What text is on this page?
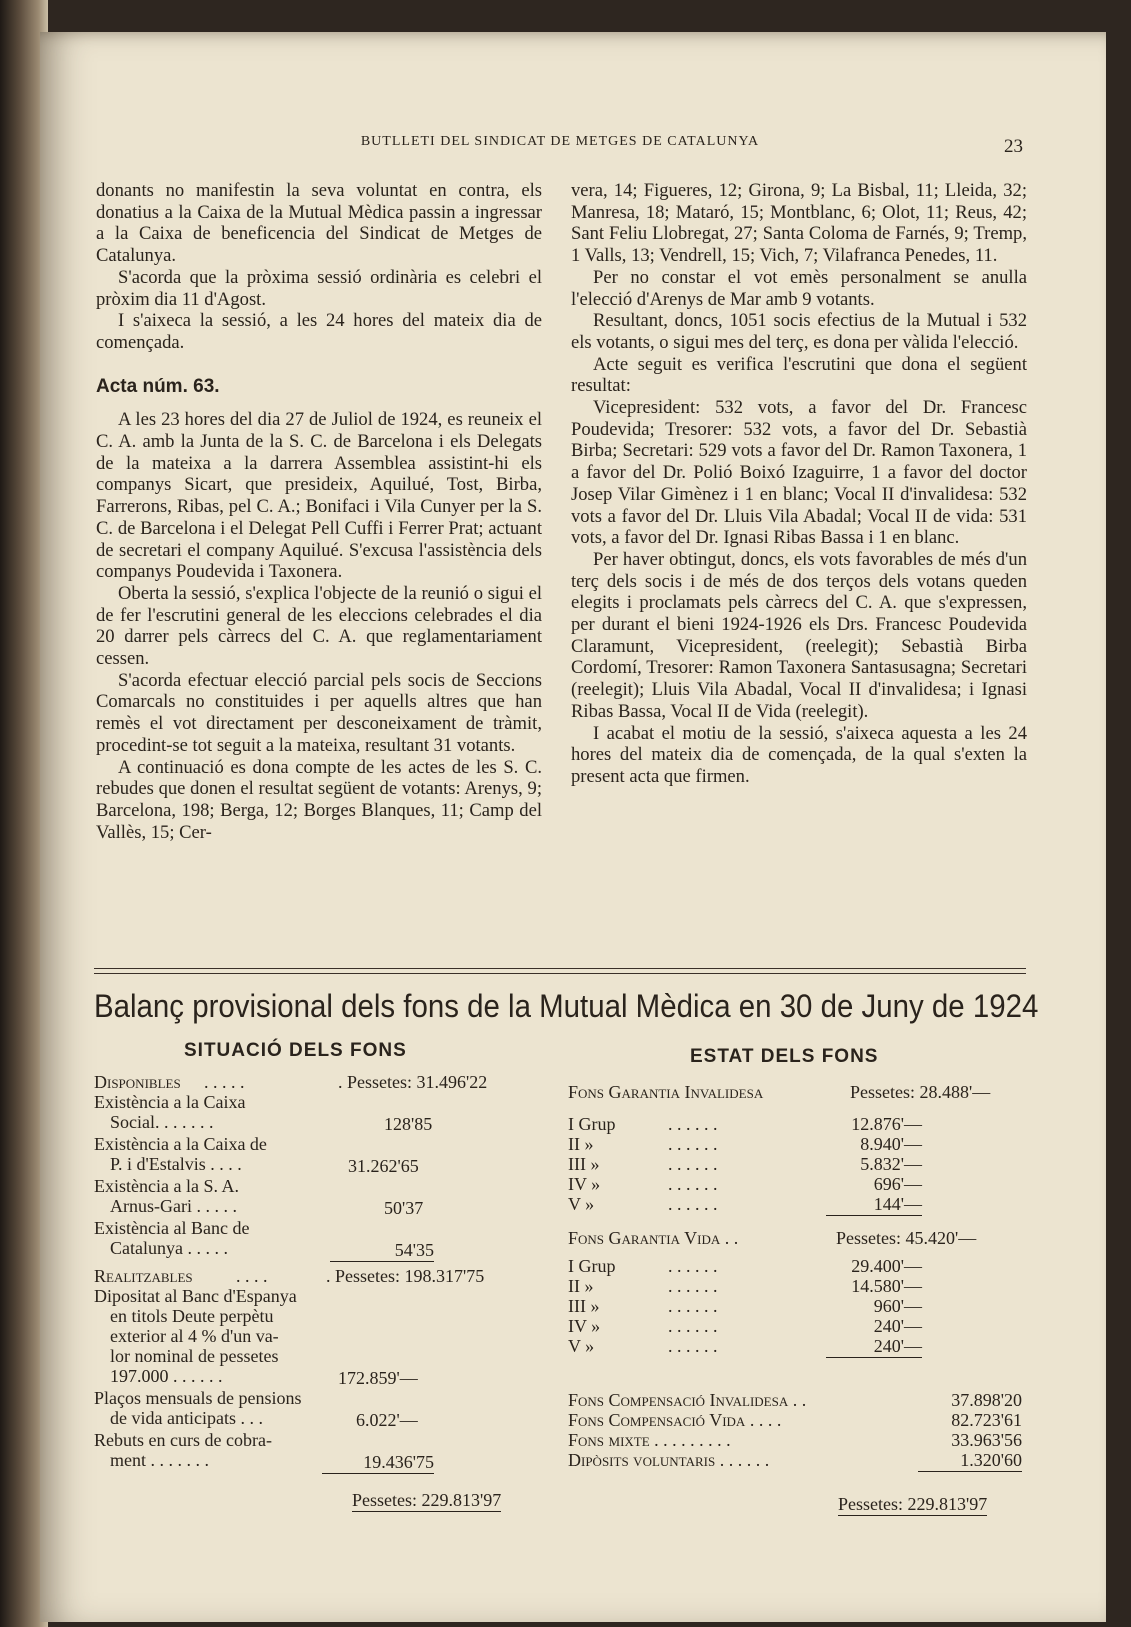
BUTLLETI DEL SINDICAT DE METGES DE CATALUNYA	23

donants no manifestin la seva voluntat en contra, els donatius a la Caixa de la Mutual Mèdica passin a ingressar a la Caixa de beneficencia del Sindicat de Metges de Catalunya.

S'acorda que la pròxima sessió ordinària es celebri el pròxim dia 11 d'Agost.

I s'aixeca la sessió, a les 24 hores del mateix dia de començada.

Acta núm. 63.

A les 23 hores del dia 27 de Juliol de 1924, es reuneix el C. A. amb la Junta de la S. C. de Barcelona i els Delegats de la mateixa a la darrera Assemblea assistint-hi els companys Sicart, que presideix, Aquilué, Tost, Birba, Farrerons, Ribas, pel C. A.; Bonifaci i Vila Cunyer per la S. C. de Barcelona i el Delegat Pell Cuffi i Ferrer Prat; actuant de secretari el company Aquilué. S'excusa l'assistència dels companys Poudevida i Taxonera.

Oberta la sessió, s'explica l'objecte de la reunió o sigui el de fer l'escrutini general de les eleccions celebrades el dia 20 darrer pels càrrecs del C. A. que reglamentariament cessen.

S'acorda efectuar elecció parcial pels socis de Seccions Comarcals no constituides i per aquells altres que han remès el vot directament per desconeixament de tràmit, procedint-se tot seguit a la mateixa, resultant 31 votants.

A continuació es dona compte de les actes de les S. C. rebudes que donen el resultat següent de votants: Arenys, 9; Barcelona, 198; Berga, 12; Borges Blanques, 11; Camp del Vallès, 15; Cer-

vera, 14; Figueres, 12; Girona, 9; La Bisbal, 11; Lleida, 32; Manresa, 18; Mataró, 15; Montblanc, 6; Olot, 11; Reus, 42; Sant Feliu Llobregat, 27; Santa Coloma de Farnés, 9; Tremp, 1 Valls, 13; Vendrell, 15; Vich, 7; Vilafranca Penedes, 11.

Per no constar el vot emès personalment se anulla l'elecció d'Arenys de Mar amb 9 votants.

Resultant, doncs, 1051 socis efectius de la Mutual i 532 els votants, o sigui mes del terç, es dona per vàlida l'elecció.

Acte seguit es verifica l'escrutini que dona el següent resultat:

Vicepresident: 532 vots, a favor del Dr. Francesc Poudevida; Tresorer: 532 vots, a favor del Dr. Sebastià Birba; Secretari: 529 vots a favor del Dr. Ramon Taxonera, 1 a favor del Dr. Polió Boixó Izaguirre, 1 a favor del doctor Josep Vilar Gimènez i 1 en blanc; Vocal II d'invalidesa: 532 vots a favor del Dr. Lluis Vila Abadal; Vocal II de vida: 531 vots, a favor del Dr. Ignasi Ribas Bassa i 1 en blanc.

Per haver obtingut, doncs, els vots favorables de més d'un terç dels socis i de més de dos terços dels votans queden elegits i proclamats pels càrrecs del C. A. que s'expressen, per durant el bieni 1924-1926 els Drs. Francesc Poudevida Claramunt, Vicepresident, (reelegit); Sebastià Birba Cordomí, Tresorer: Ramon Taxonera Santasusagna; Secretari (reelegit); Lluis Vila Abadal, Vocal II d'invalidesa; i Ignasi Ribas Bassa, Vocal II de Vida (reelegit).

I acabat el motiu de la sessió, s'aixeca aquesta a les 24 hores del mateix dia de començada, de la qual s'exten la present acta que firmen.

Balanç provisional dels fons de la Mutual Mèdica en 30 de Juny de 1924
SITUACIÓ DELS FONS
Disponibles . . . . .	. Pessetes: 31.496'22
Existència a la Caixa
Social. . . . . . .	128'85
Existència a la Caixa de
P. i d'Estalvis . . . .	31.262'65
Existència a la S. A.
Arnus-Gari . . . . .	50'37
Existència al Banc de
Catalunya . . . . .	54'35
Realitzables . . . .	. Pessetes: 198.317'75
Dipositat al Banc d'Espanya
en titols Deute perpètu
exterior al 4 % d'un va-
lor nominal de pessetes
197.000 . . . . . .	172.859'—
Plaços mensuals de pensions
de vida anticipats . . .	6.022'—
Rebuts en curs de cobra-
ment . . . . . . .	19.436'75
Pessetes: 229.813'97
ESTAT DELS FONS
Fons Garantia Invalidesa	Pessetes: 28.488'—
I Grup	. . . . . .	12.876'—
II »	. . . . . .	8.940'—
III »	. . . . . .	5.832'—
IV »	. . . . . .	696'—
V »	. . . . . .	144'—
Fons Garantia Vida . .	Pessetes: 45.420'—
I Grup	. . . . . .	29.400'—
II »	. . . . . .	14.580'—
III »	. . . . . .	960'—
IV »	. . . . . .	240'—
V »	. . . . . .	240'—
Fons Compensació Invalidesa . .	37.898'20
Fons Compensació Vida . . . .	82.723'61
Fons mixte . . . . . . . . .	33.963'56
Dipòsits voluntaris . . . . . .	1.320'60
Pessetes: 229.813'97
